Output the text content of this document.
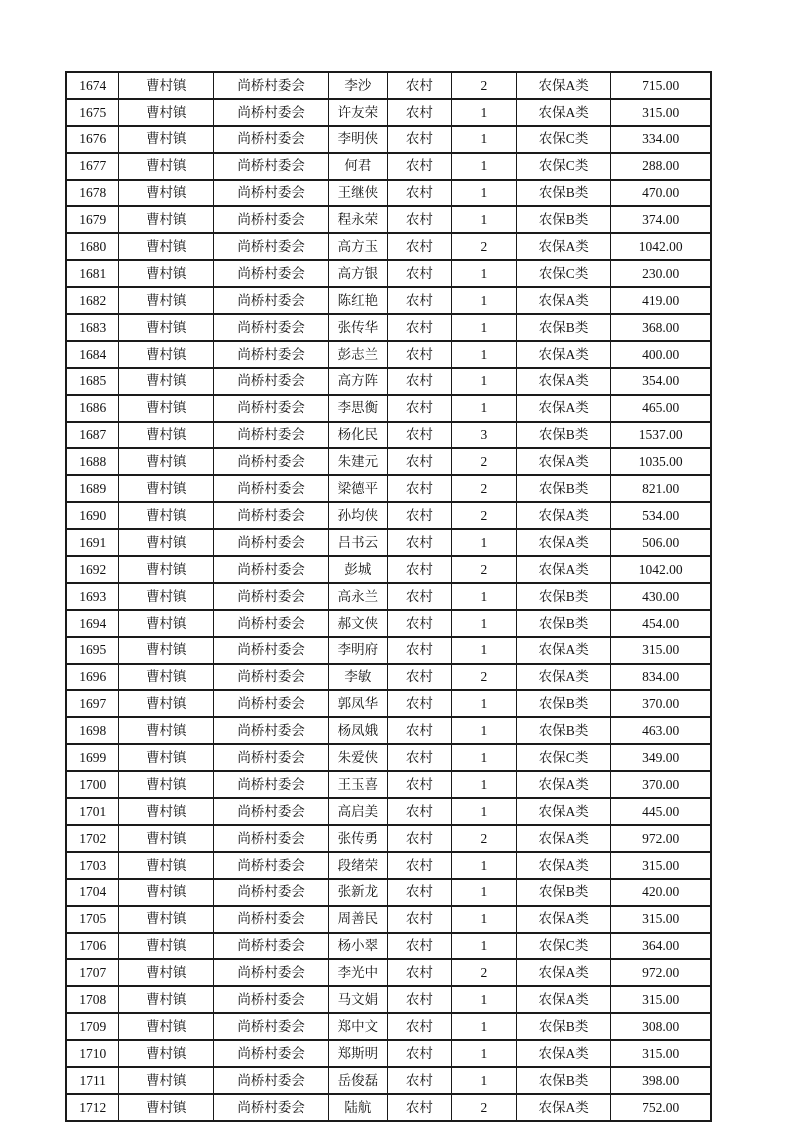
1674	曹村镇	尚桥村委会	李沙	农村	2	农保A类	715.00
1675	曹村镇	尚桥村委会	许友荣	农村	1	农保A类	315.00
1676	曹村镇	尚桥村委会	李明侠	农村	1	农保C类	334.00
1677	曹村镇	尚桥村委会	何君	农村	1	农保C类	288.00
1678	曹村镇	尚桥村委会	王继侠	农村	1	农保B类	470.00
1679	曹村镇	尚桥村委会	程永荣	农村	1	农保B类	374.00
1680	曹村镇	尚桥村委会	高方玉	农村	2	农保A类	1042.00
1681	曹村镇	尚桥村委会	高方银	农村	1	农保C类	230.00
1682	曹村镇	尚桥村委会	陈红艳	农村	1	农保A类	419.00
1683	曹村镇	尚桥村委会	张传华	农村	1	农保B类	368.00
1684	曹村镇	尚桥村委会	彭志兰	农村	1	农保A类	400.00
1685	曹村镇	尚桥村委会	高方阵	农村	1	农保A类	354.00
1686	曹村镇	尚桥村委会	李思衡	农村	1	农保A类	465.00
1687	曹村镇	尚桥村委会	杨化民	农村	3	农保B类	1537.00
1688	曹村镇	尚桥村委会	朱建元	农村	2	农保A类	1035.00
1689	曹村镇	尚桥村委会	梁德平	农村	2	农保B类	821.00
1690	曹村镇	尚桥村委会	孙均侠	农村	2	农保A类	534.00
1691	曹村镇	尚桥村委会	吕书云	农村	1	农保A类	506.00
1692	曹村镇	尚桥村委会	彭城	农村	2	农保A类	1042.00
1693	曹村镇	尚桥村委会	高永兰	农村	1	农保B类	430.00
1694	曹村镇	尚桥村委会	郝文侠	农村	1	农保B类	454.00
1695	曹村镇	尚桥村委会	李明府	农村	1	农保A类	315.00
1696	曹村镇	尚桥村委会	李敏	农村	2	农保A类	834.00
1697	曹村镇	尚桥村委会	郭凤华	农村	1	农保B类	370.00
1698	曹村镇	尚桥村委会	杨凤娥	农村	1	农保B类	463.00
1699	曹村镇	尚桥村委会	朱爱侠	农村	1	农保C类	349.00
1700	曹村镇	尚桥村委会	王玉喜	农村	1	农保A类	370.00
1701	曹村镇	尚桥村委会	高启美	农村	1	农保A类	445.00
1702	曹村镇	尚桥村委会	张传勇	农村	2	农保A类	972.00
1703	曹村镇	尚桥村委会	段绪荣	农村	1	农保A类	315.00
1704	曹村镇	尚桥村委会	张新龙	农村	1	农保B类	420.00
1705	曹村镇	尚桥村委会	周善民	农村	1	农保A类	315.00
1706	曹村镇	尚桥村委会	杨小翠	农村	1	农保C类	364.00
1707	曹村镇	尚桥村委会	李光中	农村	2	农保A类	972.00
1708	曹村镇	尚桥村委会	马文娟	农村	1	农保A类	315.00
1709	曹村镇	尚桥村委会	郑中文	农村	1	农保B类	308.00
1710	曹村镇	尚桥村委会	郑斯明	农村	1	农保A类	315.00
1711	曹村镇	尚桥村委会	岳俊磊	农村	1	农保B类	398.00
1712	曹村镇	尚桥村委会	陆航	农村	2	农保A类	752.00
